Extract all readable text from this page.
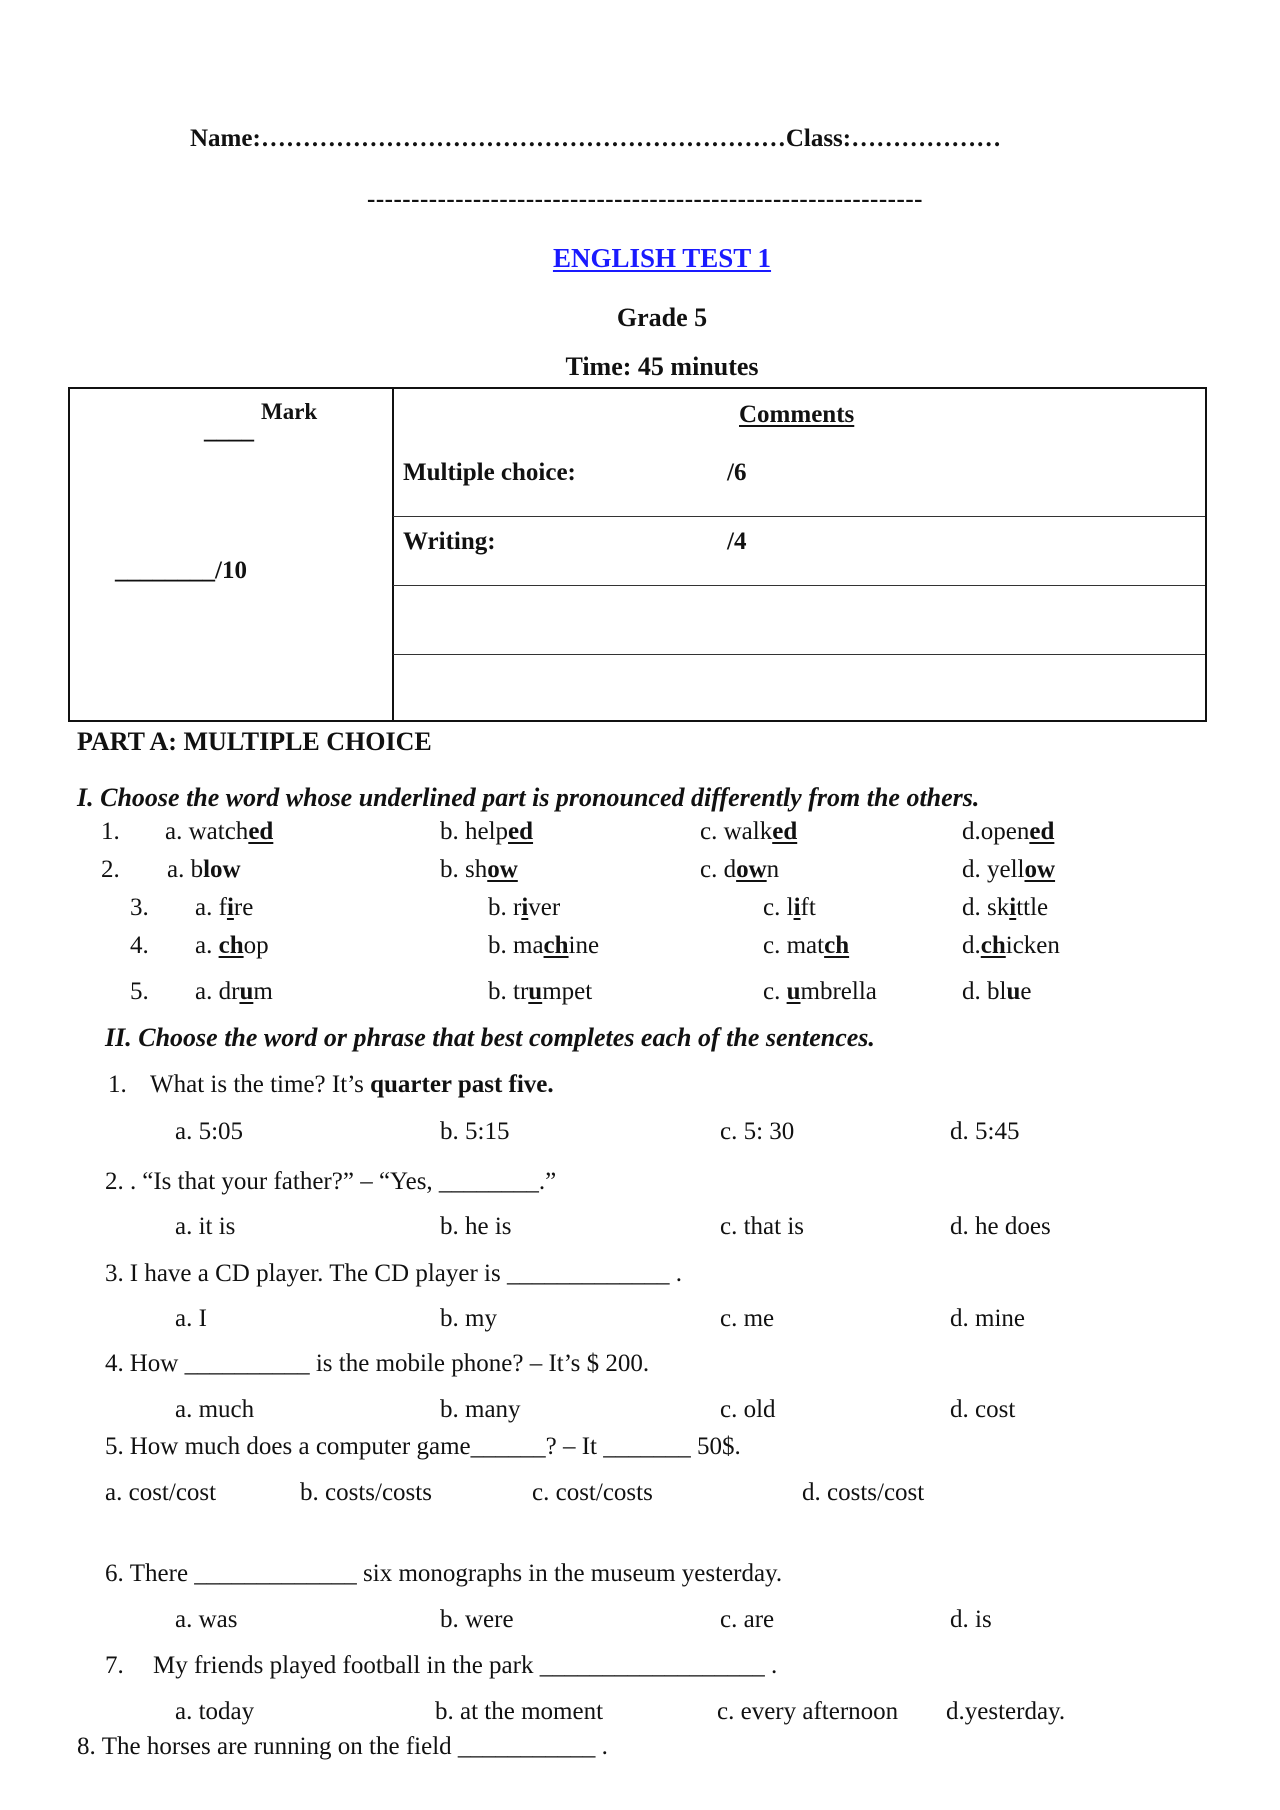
Name:………………………………………………………Class:………………
---------------------------------------------------------------
ENGLISH TEST 1
Grade 5
Time: 45 minutes
Mark
____
________/10
Comments
Multiple choice:	/6
Writing:	/4
PART A: MULTIPLE CHOICE
I. Choose the word whose underlined part is pronounced differently from the others.
1. a. watched	b. helped	c. walked	d.opened
2. a. blow	b. show	c. down	d. yellow
3. a. fire	b. river	c. lift	d. skittle
4. a. chop	b. machine	c. match	d.chicken
5. a. drum	b. trumpet	c. umbrella	d. blue
II. Choose the word or phrase that best completes each of the sentences.
1. What is the time? It’s quarter past five.
a. 5:05	b. 5:15	c. 5: 30	d. 5:45
2. . “Is that your father?” – “Yes, ________.”
a. it is	b. he is	c. that is	d. he does
3. I have a CD player. The CD player is _____________ .
a. I	b. my	c. me	d. mine
4. How __________ is the mobile phone? – It’s $ 200.
a. much	b. many	c. old	d. cost
5. How much does a computer game______? – It _______ 50$.
a. cost/cost	b. costs/costs	c. cost/costs	d. costs/cost
6. There _____________ six monographs in the museum yesterday.
a. was	b. were	c. are	d. is
7. My friends played football in the park __________________ .
a. today	b. at the moment	c. every afternoon d.yesterday.
8. The horses are running on the field ___________ .
